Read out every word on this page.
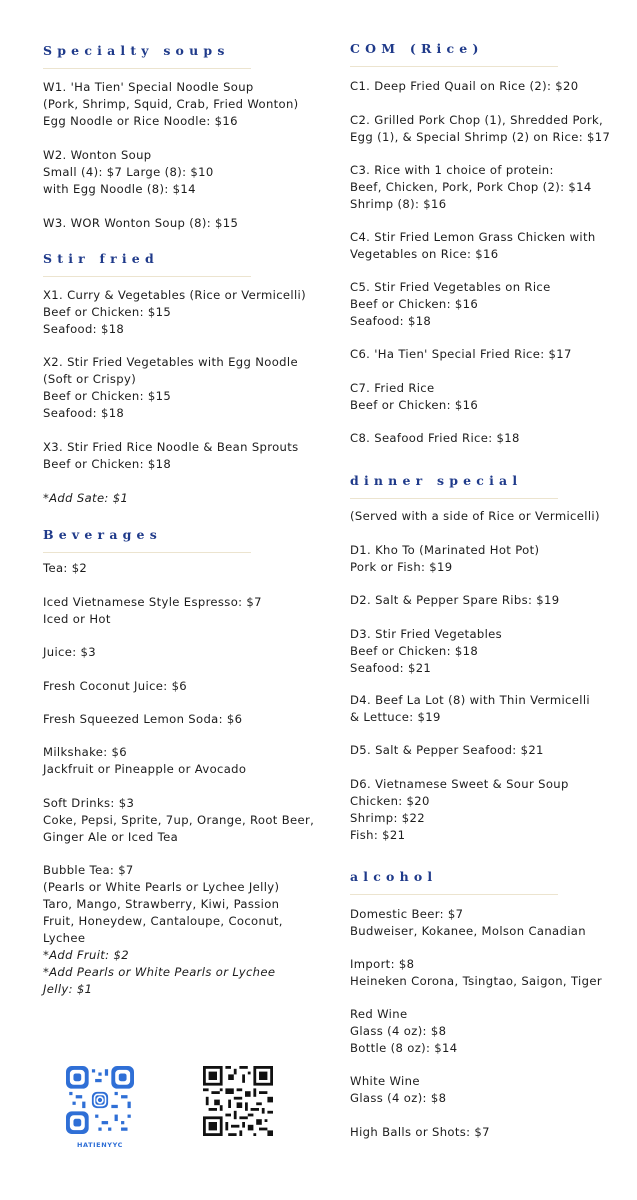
Specialty soups
W1. 'Ha Tien' Special Noodle Soup
(Pork, Shrimp, Squid, Crab, Fried Wonton)
Egg Noodle or Rice Noodle: $16
W2. Wonton Soup
Small (4): $7 Large (8): $10
with Egg Noodle (8): $14
W3. WOR Wonton Soup (8): $15
Stir fried
X1. Curry & Vegetables (Rice or Vermicelli)
Beef or Chicken: $15
Seafood: $18
X2. Stir Fried Vegetables with Egg Noodle
(Soft or Crispy)
Beef or Chicken: $15
Seafood: $18
X3. Stir Fried Rice Noodle & Bean Sprouts
Beef or Chicken: $18
*Add Sate: $1
Beverages
Tea: $2
Iced Vietnamese Style Espresso: $7
Iced or Hot
Juice: $3
Fresh Coconut Juice: $6
Fresh Squeezed Lemon Soda: $6
Milkshake: $6
Jackfruit or Pineapple or Avocado
Soft Drinks: $3
Coke, Pepsi, Sprite, 7up, Orange, Root Beer,
Ginger Ale or Iced Tea
Bubble Tea: $7
(Pearls or White Pearls or Lychee Jelly)
Taro, Mango, Strawberry, Kiwi, Passion
Fruit, Honeydew, Cantaloupe, Coconut,
Lychee
*Add Fruit: $2
*Add Pearls or White Pearls or Lychee
Jelly: $1
HATIENYYC
COM (Rice)
C1. Deep Fried Quail on Rice (2): $20
C2. Grilled Pork Chop (1), Shredded Pork,
Egg (1), & Special Shrimp (2) on Rice: $17
C3. Rice with 1 choice of protein:
Beef, Chicken, Pork, Pork Chop (2): $14
Shrimp (8): $16
C4. Stir Fried Lemon Grass Chicken with
Vegetables on Rice: $16
C5. Stir Fried Vegetables on Rice
Beef or Chicken: $16
Seafood: $18
C6. 'Ha Tien' Special Fried Rice: $17
C7. Fried Rice
Beef or Chicken: $16
C8. Seafood Fried Rice: $18
dinner special
(Served with a side of Rice or Vermicelli)
D1. Kho To (Marinated Hot Pot)
Pork or Fish: $19
D2. Salt & Pepper Spare Ribs: $19
D3. Stir Fried Vegetables
Beef or Chicken: $18
Seafood: $21
D4. Beef La Lot (8) with Thin Vermicelli
& Lettuce: $19
D5. Salt & Pepper Seafood: $21
D6. Vietnamese Sweet & Sour Soup
Chicken: $20
Shrimp: $22
Fish: $21
alcohol
Domestic Beer: $7
Budweiser, Kokanee, Molson Canadian
Import: $8
Heineken Corona, Tsingtao, Saigon, Tiger
Red Wine
Glass (4 oz): $8
Bottle (8 oz): $14
White Wine
Glass (4 oz): $8
High Balls or Shots: $7
